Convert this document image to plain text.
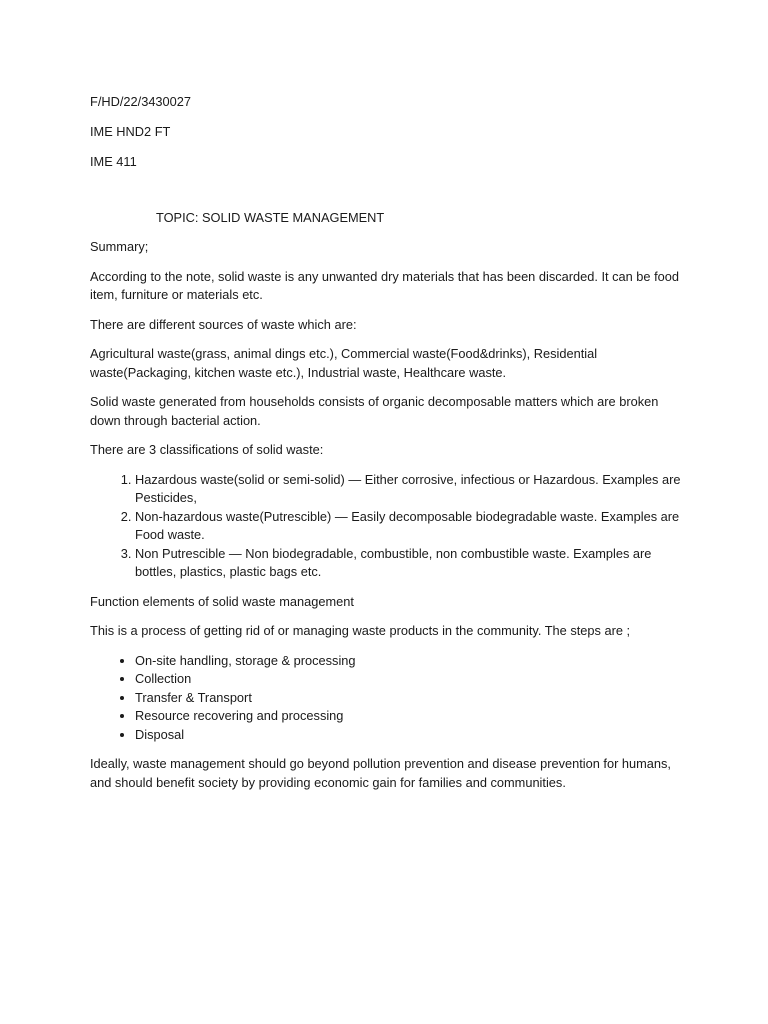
F/HD/22/3430027

IME HND2 FT

IME 411

TOPIC: SOLID WASTE MANAGEMENT

Summary;

According to the note, solid waste is any unwanted dry materials that has been discarded. It can be food item, furniture or materials etc.

There are different sources of waste which are:

Agricultural waste(grass, animal dings etc.), Commercial waste(Food&drinks), Residential waste(Packaging, kitchen waste etc.), Industrial waste, Healthcare waste.

Solid waste generated from households consists of organic decomposable matters which are broken down through bacterial action.

There are 3 classifications of solid waste:

1. Hazardous waste(solid or semi-solid) — Either corrosive, infectious or Hazardous. Examples are Pesticides,
2. Non-hazardous waste(Putrescible) — Easily decomposable biodegradable waste. Examples are Food waste.
3. Non Putrescible — Non biodegradable, combustible, non combustible waste. Examples are bottles, plastics, plastic bags etc.

Function elements of solid waste management

This is a process of getting rid of or managing waste products in the community. The steps are ;

• On-site handling, storage & processing
• Collection
• Transfer & Transport
• Resource recovering and processing
• Disposal

Ideally, waste management should go beyond pollution prevention and disease prevention for humans, and should benefit society by providing economic gain for families and communities.
